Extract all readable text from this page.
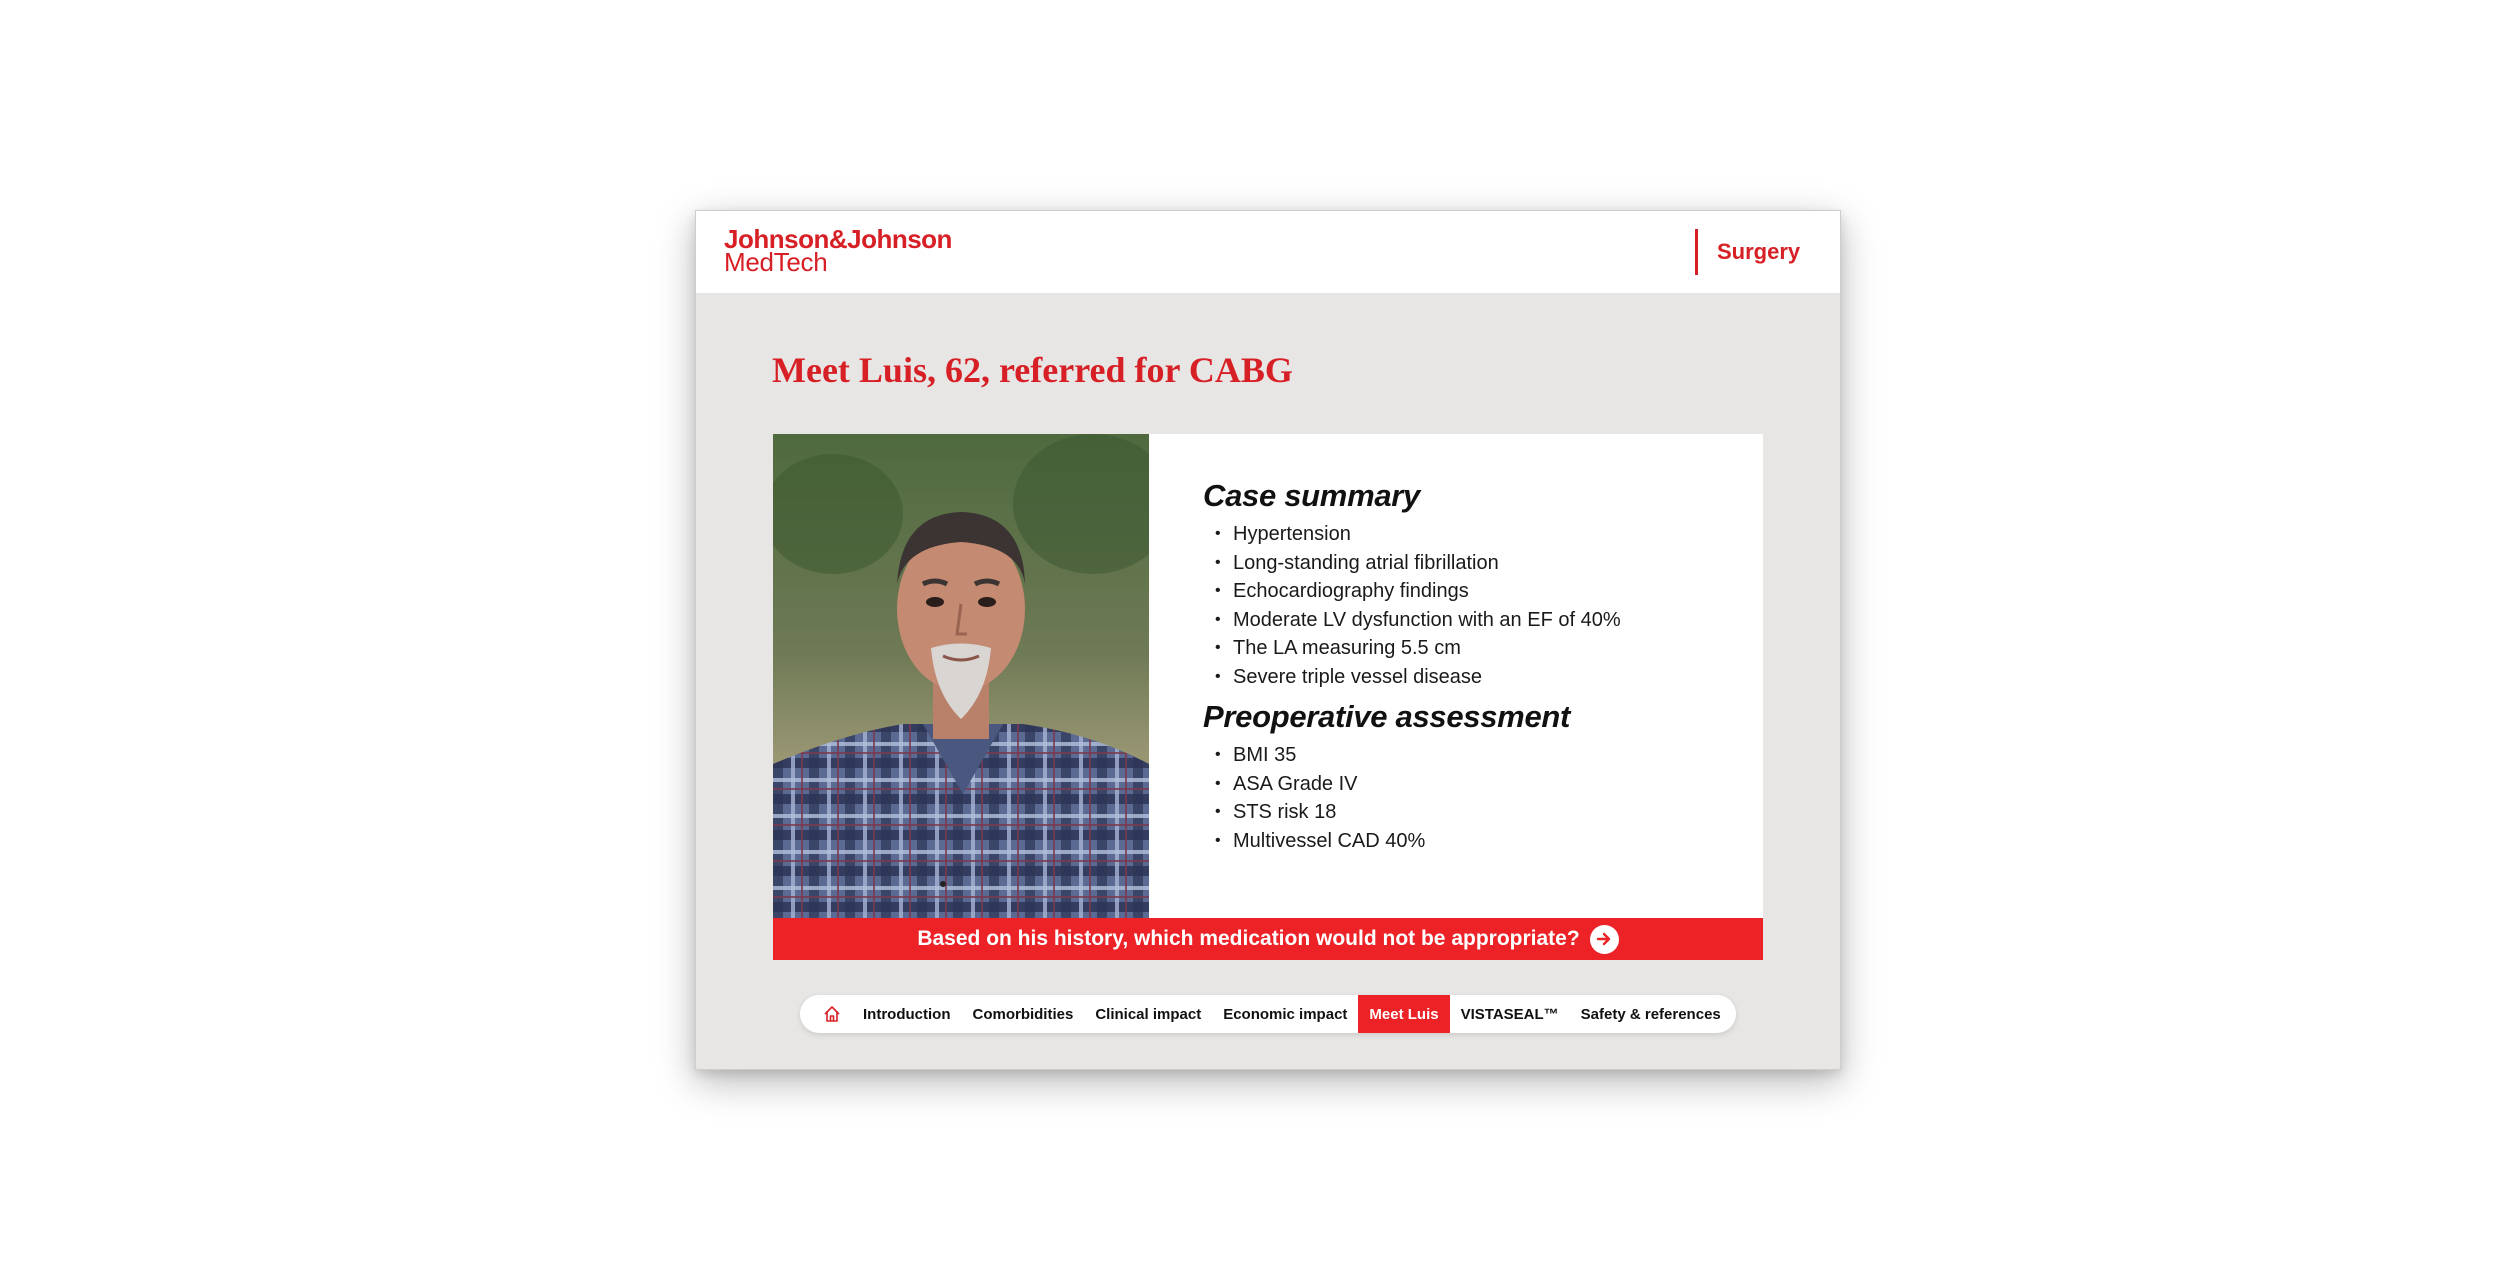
Johnson&Johnson
MedTech	Surgery
Meet Luis, 62, referred for CABG
Case summary
• Hypertension
• Long-standing atrial fibrillation
• Echocardiography findings
• Moderate LV dysfunction with an EF of 40%
• The LA measuring 5.5 cm
• Severe triple vessel disease
Preoperative assessment
• BMI 35
• ASA Grade IV
• STS risk 18
• Multivessel CAD 40%
Based on his history, which medication would not be appropriate?
Introduction	Comorbidities	Clinical impact	Economic impact	Meet Luis	VISTASEAL™	Safety & references
